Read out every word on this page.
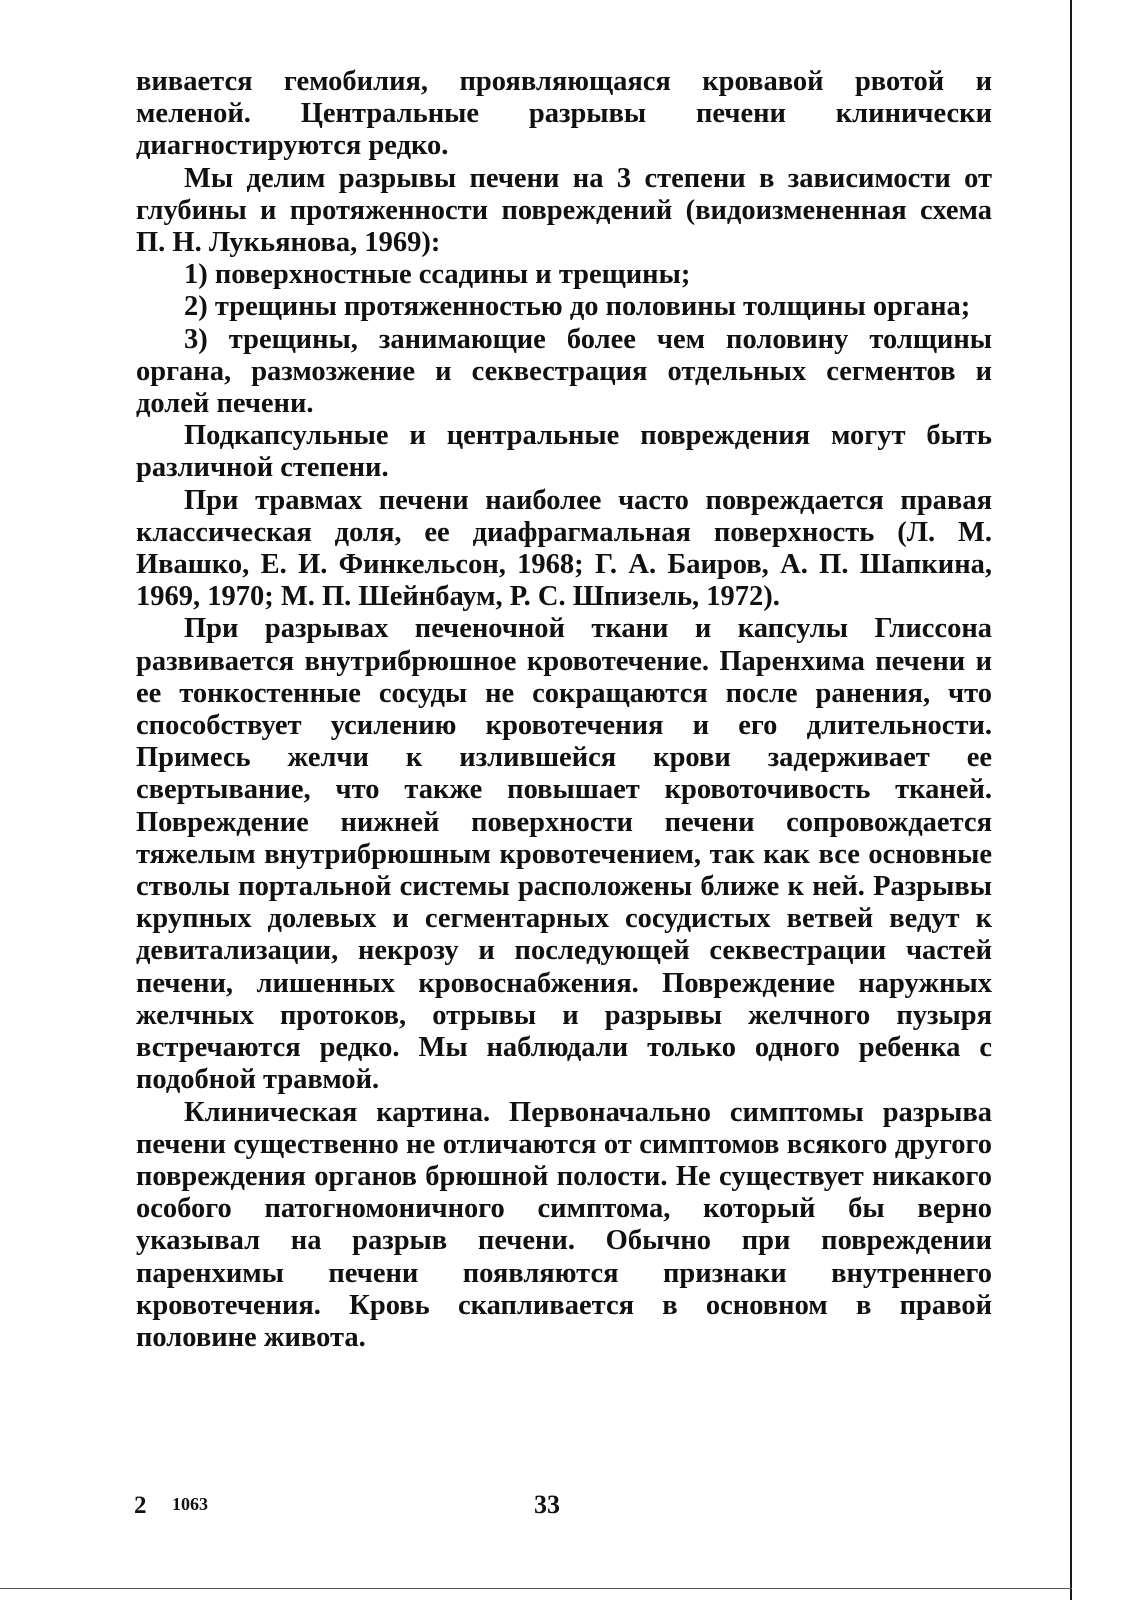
вивается гемобилия, проявляющаяся кровавой рвотой и меленой. Центральные разрывы печени клинически диагностируются редко.

Мы делим разрывы печени на 3 степени в зависимости от глубины и протяженности повреждений (видоизмененная схема П. Н. Лукьянова, 1969):

1) поверхностные ссадины и трещины;

2) трещины протяженностью до половины толщины органа;

3) трещины, занимающие более чем половину толщины органа, размозжение и секвестрация отдельных сегментов и долей печени.

Подкапсульные и центральные повреждения могут быть различной степени.

При травмах печени наиболее часто повреждается правая классическая доля, ее диафрагмальная поверхность (Л. М. Ивашко, Е. И. Финкельсон, 1968; Г. А. Баиров, А. П. Шапкина, 1969, 1970; М. П. Шейнбаум, Р. С. Шпизель, 1972).

При разрывах печеночной ткани и капсулы Глиссона развивается внутрибрюшное кровотечение. Паренхима печени и ее тонкостенные сосуды не сокращаются после ранения, что способствует усилению кровотечения и его длительности. Примесь желчи к излившейся крови задерживает ее свертывание, что также повышает кровоточивость тканей. Повреждение нижней поверхности печени сопровождается тяжелым внутрибрюшным кровотечением, так как все основные стволы портальной системы расположены ближе к ней. Разрывы крупных долевых и сегментарных сосудистых ветвей ведут к девитализации, некрозу и последующей секвестрации частей печени, лишенных кровоснабжения. Повреждение наружных желчных протоков, отрывы и разрывы желчного пузыря встречаются редко. Мы наблюдали только одного ребенка с подобной травмой.

Клиническая картина. Первоначально симптомы разрыва печени существенно не отличаются от симптомов всякого другого повреждения органов брюшной полости. Не существует никакого особого патогномоничного симптома, который бы верно указывал на разрыв печени. Обычно при повреждении паренхимы печени появляются признаки внутреннего кровотечения. Кровь скапливается в основном в правой половине живота.

2 1063	33
